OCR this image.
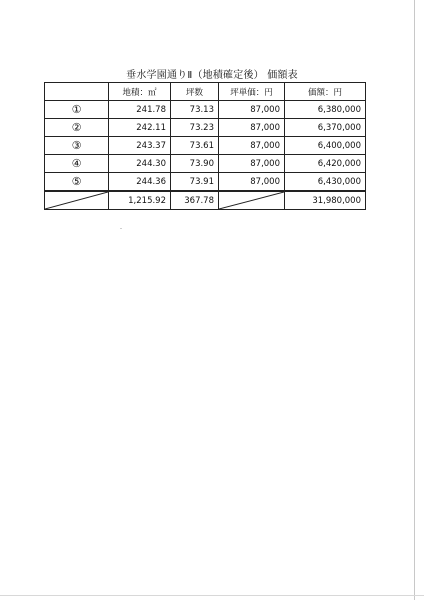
垂水学園通りⅡ（地積確定後） 価額表
	地積：㎡	坪数	坪単価：円	価額：円
①	241.78	73.13	87,000	6,380,000
②	242.11	73.23	87,000	6,370,000
③	243.37	73.61	87,000	6,400,000
④	244.30	73.90	87,000	6,420,000
⑤	244.36	73.91	87,000	6,430,000

	1,215.92	367.78		31,980,000
